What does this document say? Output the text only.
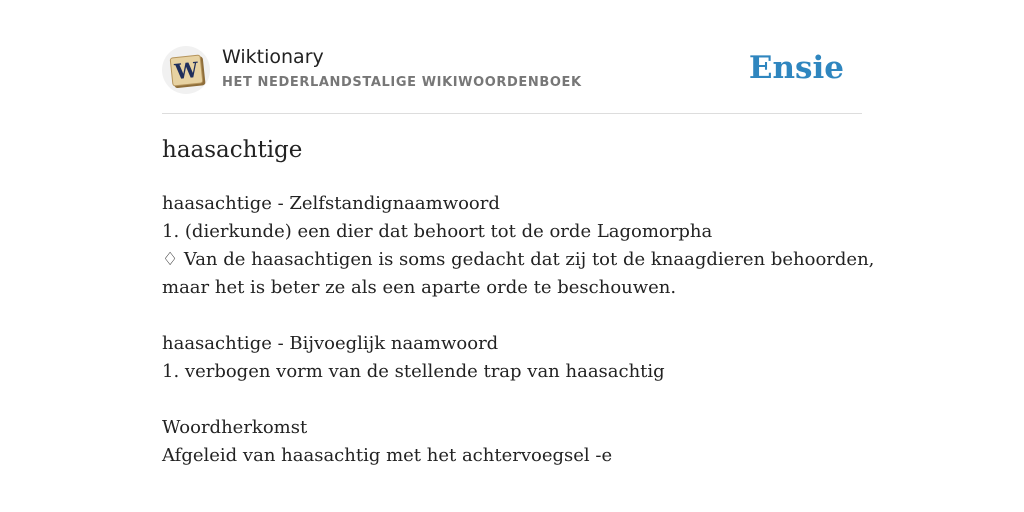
W Wiktionary
HET NEDERLANDSTALIGE WIKIWOORDENBOEK	Ensie
haasachtige
haasachtige - Zelfstandignaamwoord
1. (dierkunde) een dier dat behoort tot de orde Lagomorpha
♢ Van de haasachtigen is soms gedacht dat zij tot de knaagdieren behoorden,
maar het is beter ze als een aparte orde te beschouwen.
haasachtige - Bijvoeglijk naamwoord
1. verbogen vorm van de stellende trap van haasachtig
Woordherkomst
Afgeleid van haasachtig met het achtervoegsel -e
